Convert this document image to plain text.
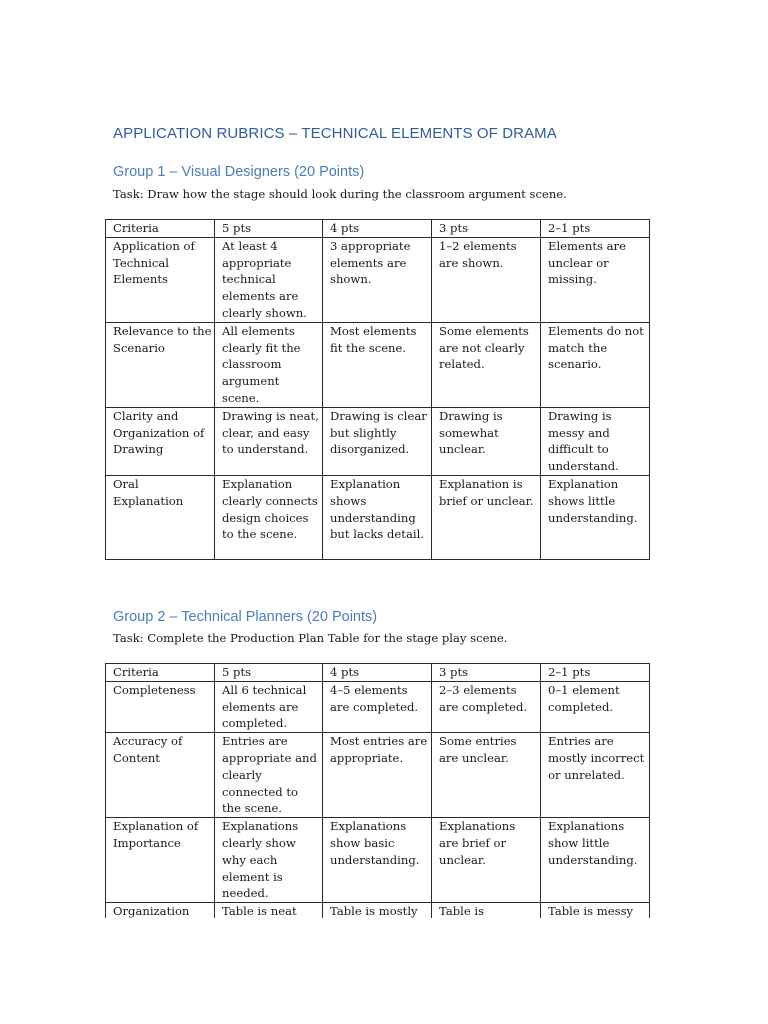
APPLICATION RUBRICS – TECHNICAL ELEMENTS OF DRAMA
Group 1 – Visual Designers (20 Points)
Task: Draw how the stage should look during the classroom argument scene.
Criteria	5 pts	4 pts	3 pts	2–1 pts
Application of Technical Elements	At least 4 appropriate technical elements are clearly shown.	3 appropriate elements are shown.	1–2 elements are shown.	Elements are unclear or missing.
Relevance to the Scenario	All elements clearly fit the classroom argument scene.	Most elements fit the scene.	Some elements are not clearly related.	Elements do not match the scenario.
Clarity and Organization of Drawing	Drawing is neat, clear, and easy to understand.	Drawing is clear but slightly disorganized.	Drawing is somewhat unclear.	Drawing is messy and difficult to understand.
Oral Explanation	Explanation clearly connects design choices to the scene.	Explanation shows understanding but lacks detail.	Explanation is brief or unclear.	Explanation shows little understanding.
Group 2 – Technical Planners (20 Points)
Task: Complete the Production Plan Table for the stage play scene.
Criteria	5 pts	4 pts	3 pts	2–1 pts
Completeness	All 6 technical elements are completed.	4–5 elements are completed.	2–3 elements are completed.	0–1 element completed.
Accuracy of Content	Entries are appropriate and clearly connected to the scene.	Most entries are appropriate.	Some entries are unclear.	Entries are mostly incorrect or unrelated.
Explanation of Importance	Explanations clearly show why each element is needed.	Explanations show basic understanding.	Explanations are brief or unclear.	Explanations show little understanding.
Organization	Table is neat	Table is mostly	Table is	Table is messy
